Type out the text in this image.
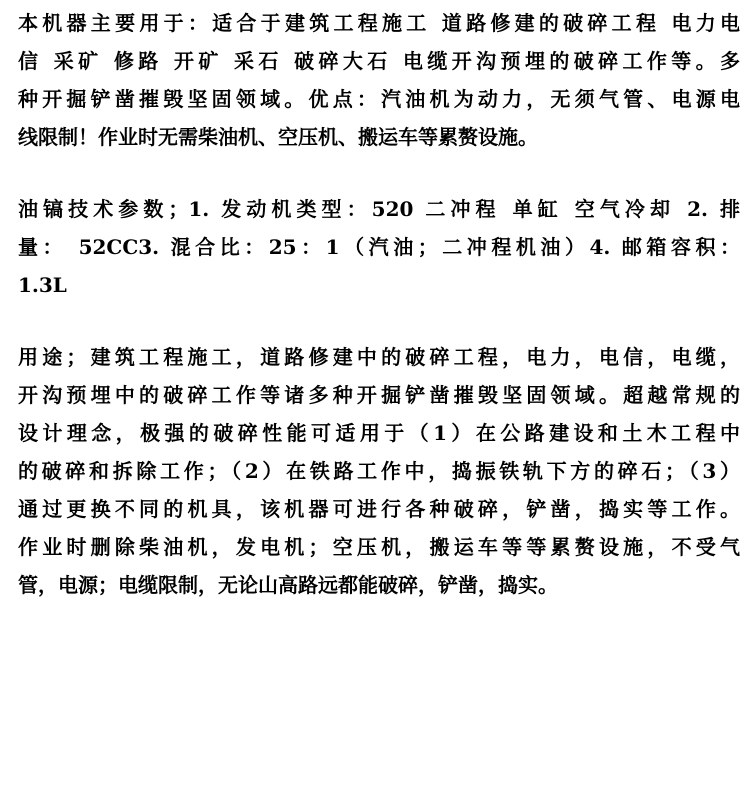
本机器主要用于：适合于建筑工程施工 道路修建的破碎工程 电力电
信 采矿 修路 开矿 采石 破碎大石 电缆开沟预埋的破碎工作等。多
种开掘铲凿摧毁坚固领域。优点：汽油机为动力，无须气管、电源电
线限制！作业时无需柴油机、空压机、搬运车等累赘设施。
油镐技术参数；1. 发动机类型：520 二冲程 单缸 空气冷却 2. 排
量： 52CC3. 混合比：25：1（汽油；二冲程机油）4. 邮箱容积：
1.3L
用途；建筑工程施工，道路修建中的破碎工程，电力，电信，电缆，
开沟预埋中的破碎工作等诸多种开掘铲凿摧毁坚固领域。超越常规的
设计理念，极强的破碎性能可适用于（1）在公路建设和土木工程中
的破碎和拆除工作；（2）在铁路工作中，捣振铁轨下方的碎石；（3）
通过更换不同的机具，该机器可进行各种破碎，铲凿，捣实等工作。
作业时删除柴油机，发电机；空压机，搬运车等等累赘设施，不受气
管，电源；电缆限制，无论山高路远都能破碎，铲凿，捣实。
